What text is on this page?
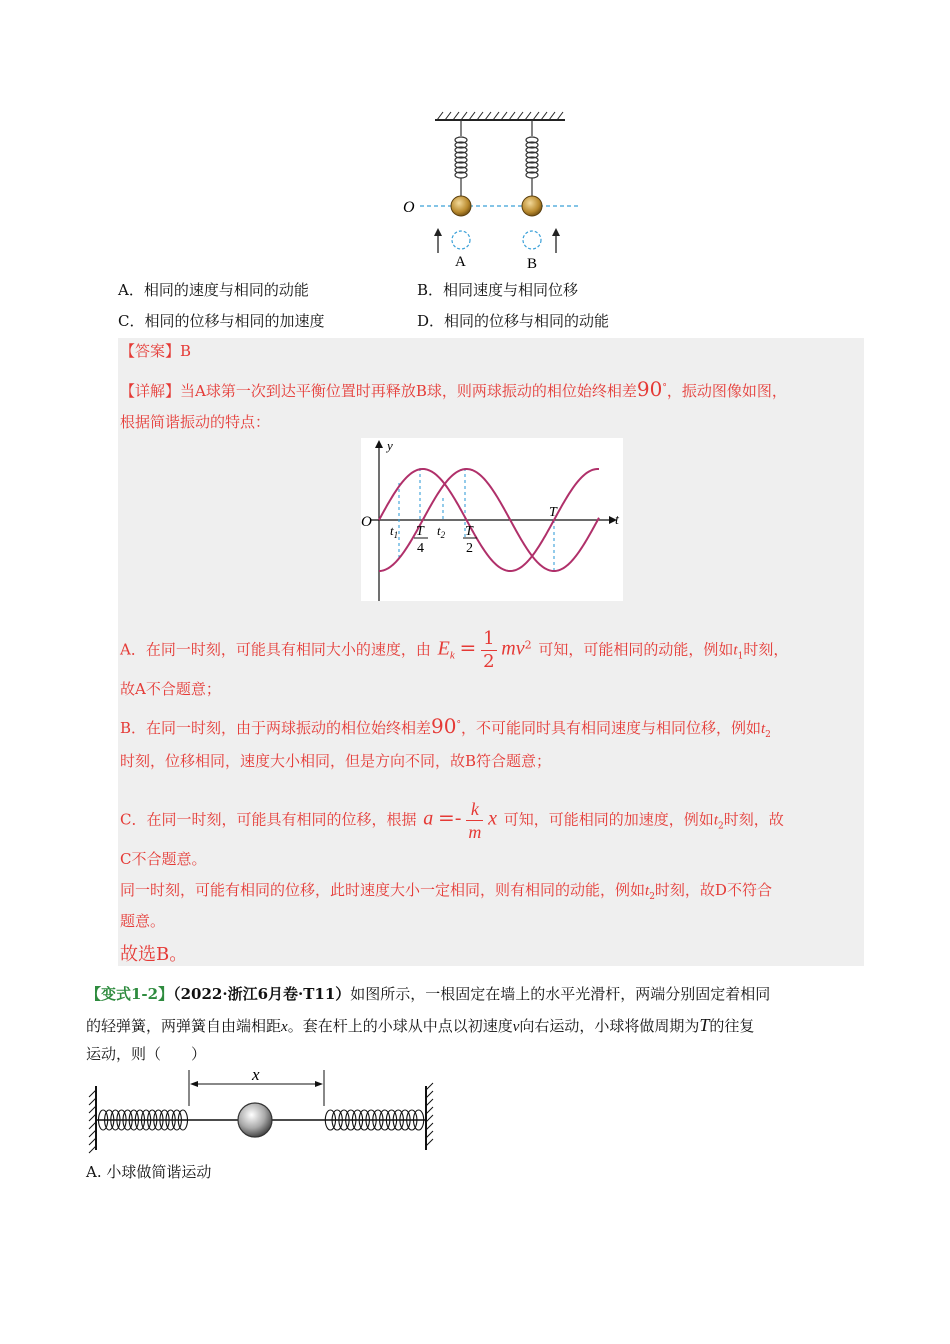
O
A	B
A．相同的速度与相同的动能	B．相同速度与相同位移
C．相同的位移与相同的加速度	D．相同的位移与相同的动能
【答案】B
【详解】当A球第一次到达平衡位置时再释放B球，则两球振动的相位始终相差90°，振动图像如图，
根据简谐振动的特点：
y
t
O
$t_1$	$t_2$
T
4
T
2
T
A．在同一时刻，可能具有相同大小的速度，由 $E_k = \frac{1}{2} mv^2$ 可知，可能相同的动能，例如$t_1$时刻，
故A不合题意；
B．在同一时刻，由于两球振动的相位始终相差90°，不可能同时具有相同速度与相同位移，例如$t_2$
时刻，位移相同，速度大小相同，但是方向不同，故B符合题意；
C．在同一时刻，可能具有相同的位移，根据 $a =- \frac{k}{m}$ x 可知，可能相同的加速度，例如$t_2$时刻，故
C不合题意。
同一时刻，可能有相同的位移，此时速度大小一定相同，则有相同的动能，例如$t_2$时刻，故D不符合
题意。
故选B。
【变式1-2】（2022·浙江6月卷·T11）如图所示，一根固定在墙上的水平光滑杆，两端分别固定着相同
的轻弹簧，两弹簧自由端相距x。套在杆上的小球从中点以初速度v向右运动，小球将做周期为T的往复
运动，则（　　）
x
A. 小球做简谐运动
